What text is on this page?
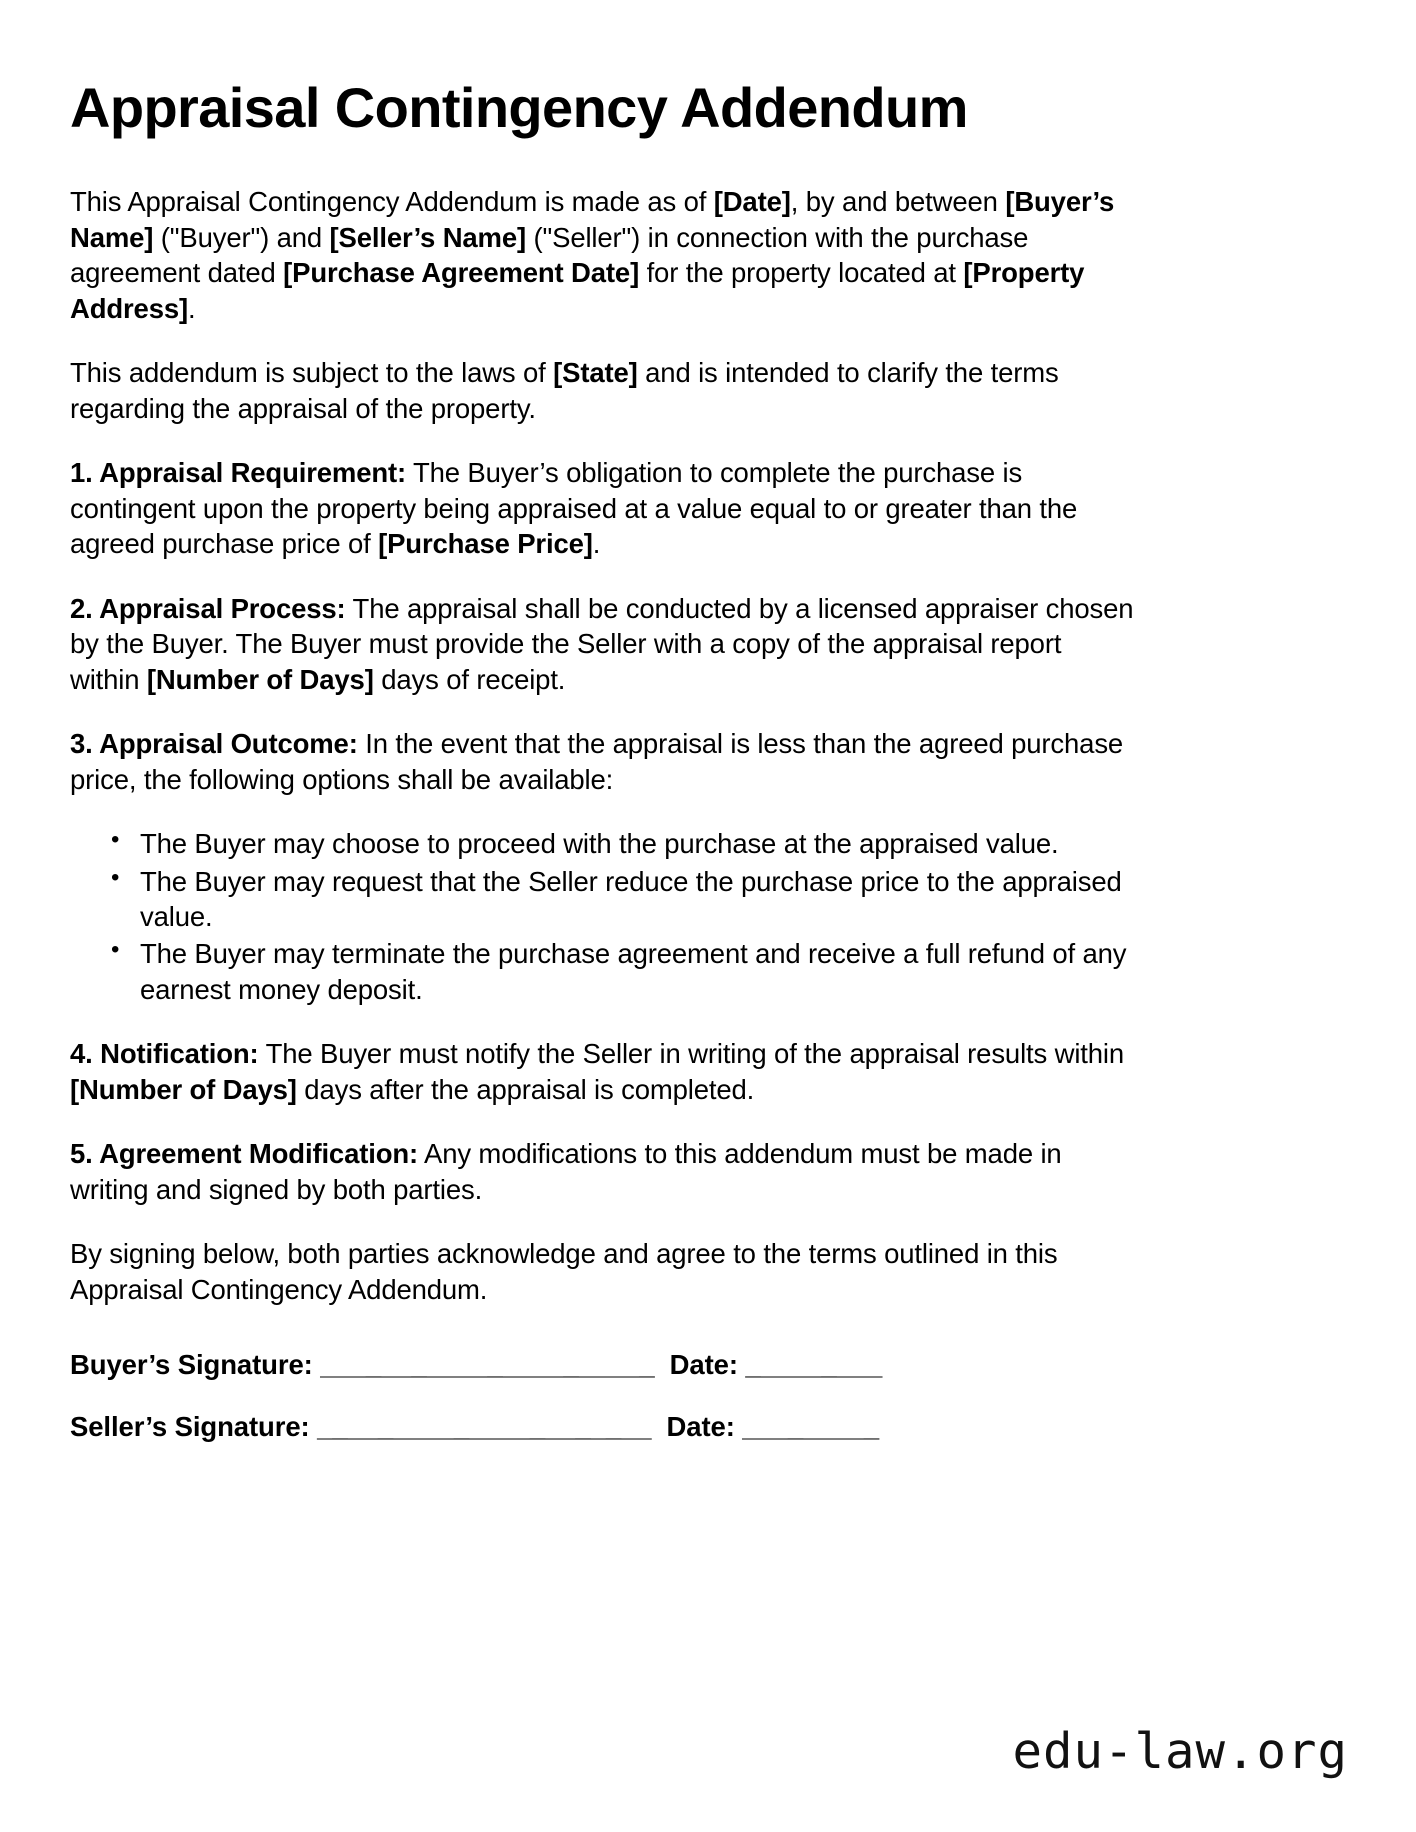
Appraisal Contingency Addendum

This Appraisal Contingency Addendum is made as of [Date], by and between [Buyer’s Name] ("Buyer") and [Seller’s Name] ("Seller") in connection with the purchase agreement dated [Purchase Agreement Date] for the property located at [Property Address].

This addendum is subject to the laws of [State] and is intended to clarify the terms regarding the appraisal of the property.

1. Appraisal Requirement: The Buyer’s obligation to complete the purchase is contingent upon the property being appraised at a value equal to or greater than the agreed purchase price of [Purchase Price].

2. Appraisal Process: The appraisal shall be conducted by a licensed appraiser chosen by the Buyer. The Buyer must provide the Seller with a copy of the appraisal report within [Number of Days] days of receipt.

3. Appraisal Outcome: In the event that the appraisal is less than the agreed purchase price, the following options shall be available:

• The Buyer may choose to proceed with the purchase at the appraised value.
• The Buyer may request that the Seller reduce the purchase price to the appraised value.
• The Buyer may terminate the purchase agreement and receive a full refund of any earnest money deposit.

4. Notification: The Buyer must notify the Seller in writing of the appraisal results within [Number of Days] days after the appraisal is completed.

5. Agreement Modification: Any modifications to this addendum must be made in writing and signed by both parties.

By signing below, both parties acknowledge and agree to the terms outlined in this Appraisal Contingency Addendum.

Buyer’s Signature: ______________________  Date: _________
Seller’s Signature: ______________________  Date: _________
edu-law.org
